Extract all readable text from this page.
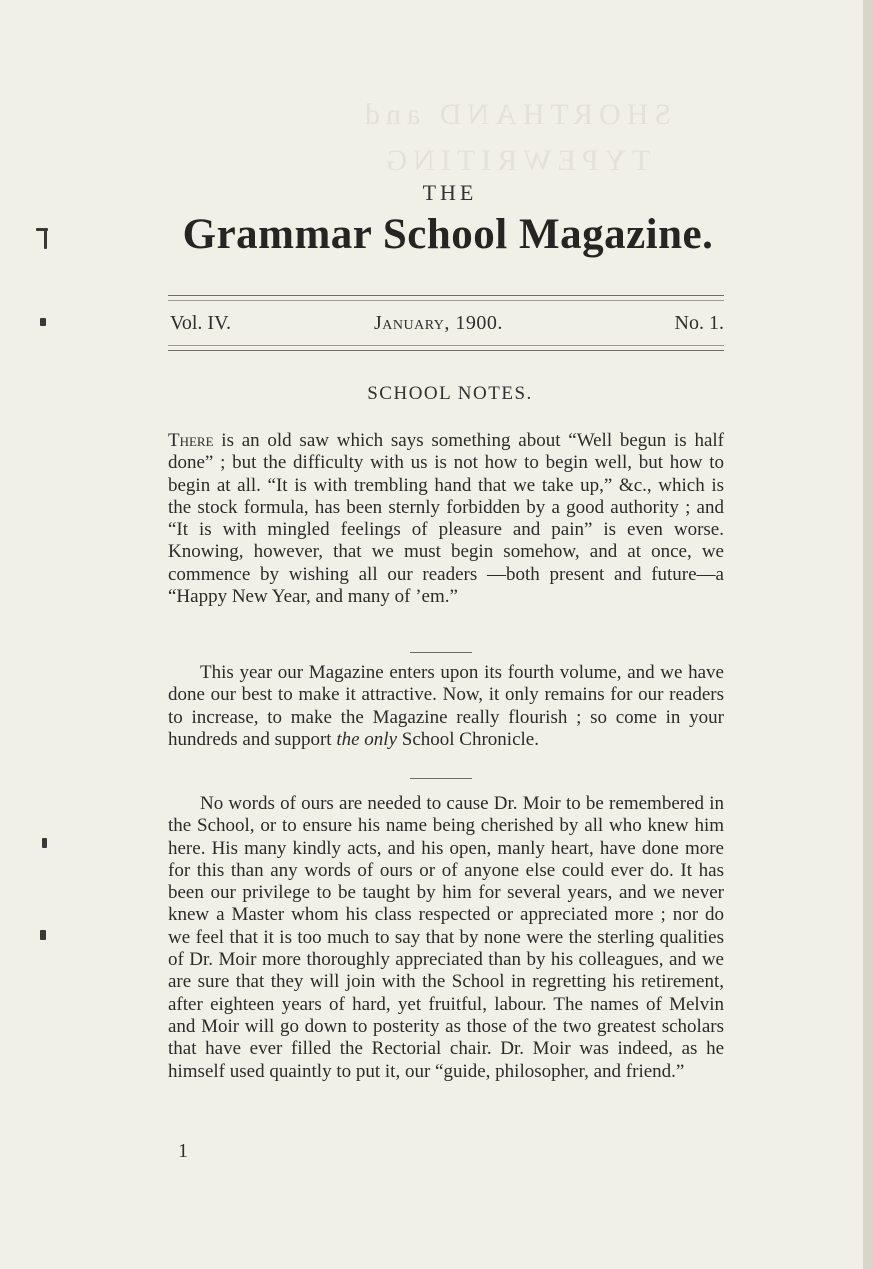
SHORTHAND and
TYPEWRITING
THE
Grammar School Magazine.
Vol. IV.	January, 1900.	No. 1.
SCHOOL NOTES.

There is an old saw which says something about “Well begun is half done” ; but the difficulty with us is not how to begin well, but how to begin at all. “It is with trembling hand that we take up,” &c., which is the stock formula, has been sternly forbidden by a good authority ; and “It is with mingled feelings of pleasure and pain” is even worse. Knowing, however, that we must begin somehow, and at once, we commence by wishing all our readers —both present and future—a “Happy New Year, and many of ’em.”

This year our Magazine enters upon its fourth volume, and we have done our best to make it attractive. Now, it only remains for our readers to increase, to make the Magazine really flourish ; so come in your hundreds and support the only School Chronicle.

No words of ours are needed to cause Dr. Moir to be remembered in the School, or to ensure his name being cherished by all who knew him here. His many kindly acts, and his open, manly heart, have done more for this than any words of ours or of anyone else could ever do. It has been our privilege to be taught by him for several years, and we never knew a Master whom his class respected or appreciated more ; nor do we feel that it is too much to say that by none were the sterling qualities of Dr. Moir more thoroughly appreciated than by his colleagues, and we are sure that they will join with the School in regretting his retirement, after eighteen years of hard, yet fruitful, labour. The names of Melvin and Moir will go down to posterity as those of the two greatest scholars that have ever filled the Rectorial chair. Dr. Moir was indeed, as he himself used quaintly to put it, our “guide, philosopher, and friend.”

1
